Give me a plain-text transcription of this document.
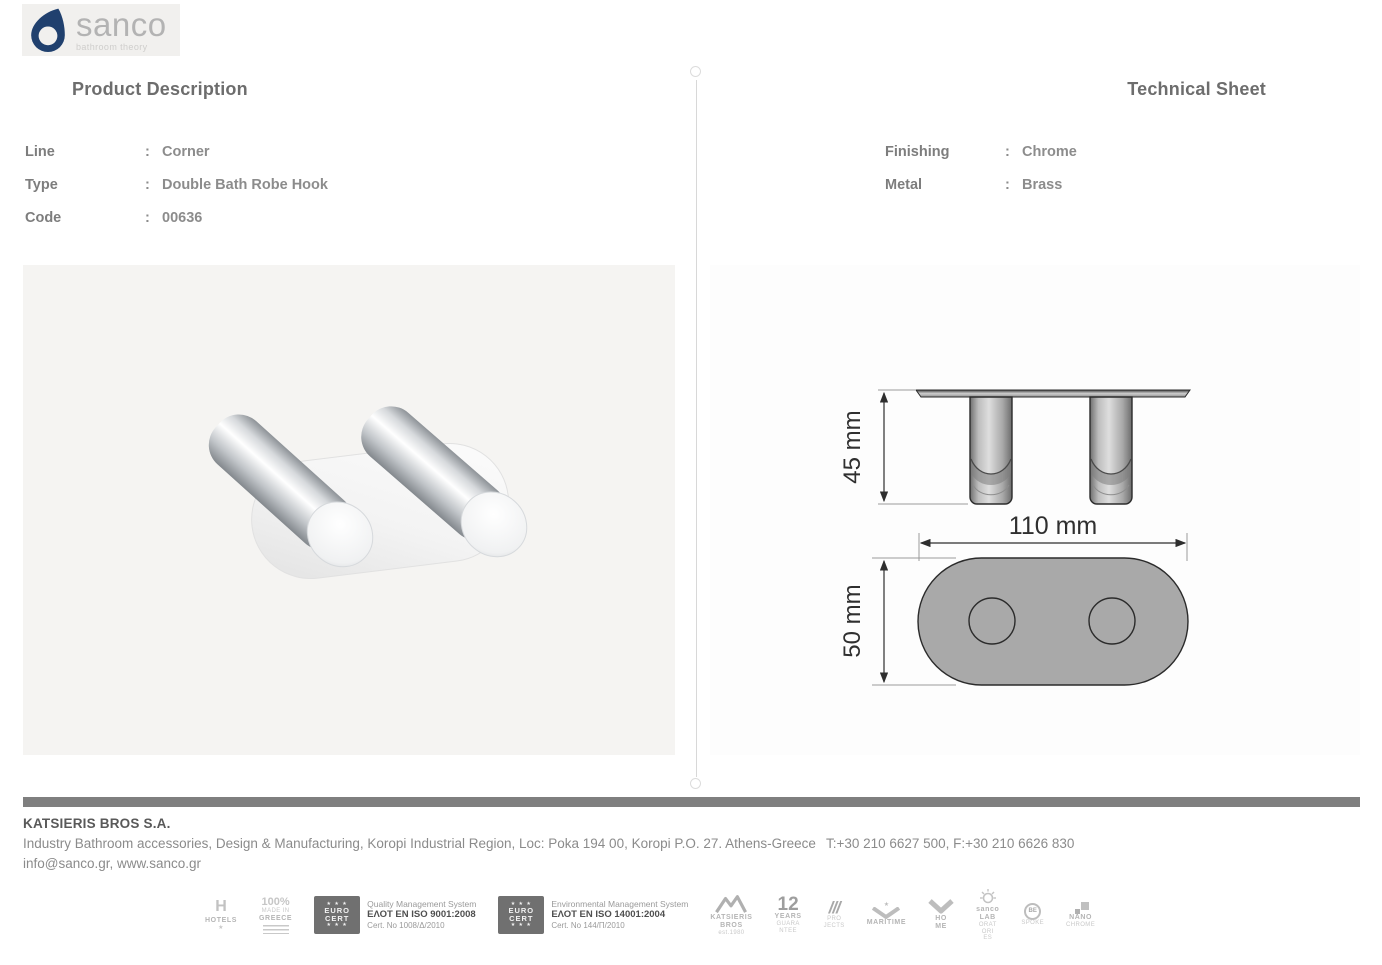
sanco
bathroom theory
Product Description	Technical Sheet
Line	: Corner
Type	: Double Bath Robe Hook
Code	: 00636
Finishing	: Chrome
Metal	: Brass
45 mm
110 mm
50 mm
KATSIERIS BROS S.A.
Industry Bathroom accessories, Design & Manufacturing, Koropi Industrial Region, Loc: Poka 194 00, Koropi P.O. 27. Athens-Greece T:+30 210 6627 500, F:+30 210 6626 830
info@sanco.gr, www.sanco.gr
H
HOTELS
★
100%
MADE IN
GREECE
★ ★ ★
EURO
CERT
★ ★ ★
Quality Management System
ΕΛΟΤ EN ISO 9001:2008
Cert. No 1008/Δ/2010
★ ★ ★
EURO
CERT
★ ★ ★
Environmental Management System
ΕΛΟΤ EN ISO 14001:2004
Cert. No 144/Π/2010
KATSIERIS
BROS
est.1980
12
YEARS
GUARA
NTEE
///
PRO
JECTS
★
MARITIME
HO
ME
sanco
LAB
ORAT
ORI
ES
BE
SPOKE
NANO
CHROME
